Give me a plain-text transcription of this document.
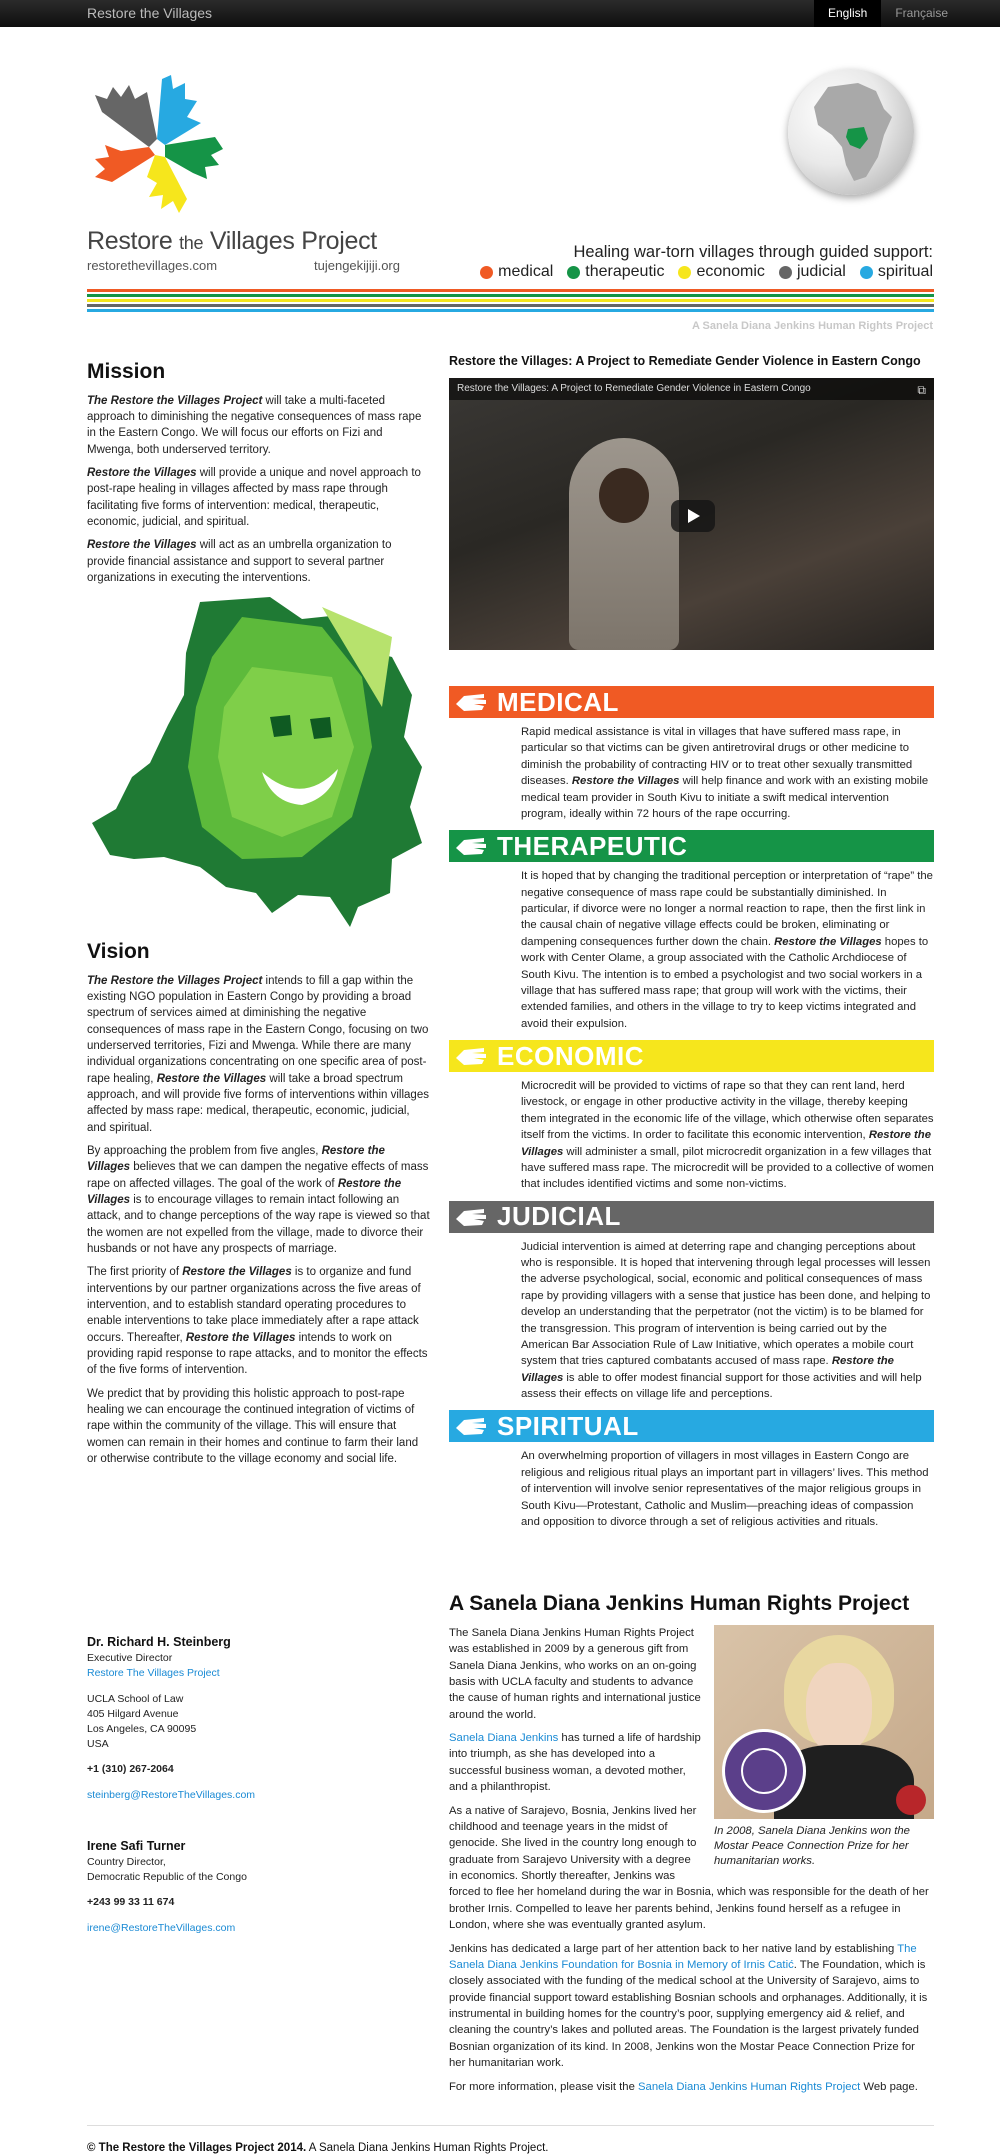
Restore the Villages	English	Française
Restore the Villages Project
restorethevillages.com	tujengekijiji.org
Healing war-torn villages through guided support:
medical therapeutic economic judicial spiritual
A Sanela Diana Jenkins Human Rights Project
Mission

The Restore the Villages Project will take a multi-faceted approach to diminishing the negative consequences of mass rape in the Eastern Congo. We will focus our efforts on Fizi and Mwenga, both underserved territory.

Restore the Villages will provide a unique and novel approach to post-rape healing in villages affected by mass rape through facilitating five forms of intervention: medical, therapeutic, economic, judicial, and spiritual.

Restore the Villages will act as an umbrella organization to provide financial assistance and support to several partner organizations in executing the interventions.

Vision

The Restore the Villages Project intends to fill a gap within the existing NGO population in Eastern Congo by providing a broad spectrum of services aimed at diminishing the negative consequences of mass rape in the Eastern Congo, focusing on two underserved territories, Fizi and Mwenga. While there are many individual organizations concentrating on one specific area of post-rape healing, Restore the Villages will take a broad spectrum approach, and will provide five forms of interventions within villages affected by mass rape: medical, therapeutic, economic, judicial, and spiritual.

By approaching the problem from five angles, Restore the Villages believes that we can dampen the negative effects of mass rape on affected villages. The goal of the work of Restore the Villages is to encourage villages to remain intact following an attack, and to change perceptions of the way rape is viewed so that the women are not expelled from the village, made to divorce their husbands or not have any prospects of marriage.

The first priority of Restore the Villages is to organize and fund interventions by our partner organizations across the five areas of intervention, and to establish standard operating procedures to enable interventions to take place immediately after a rape attack occurs. Thereafter, Restore the Villages intends to work on providing rapid response to rape attacks, and to monitor the effects of the five forms of intervention.

We predict that by providing this holistic approach to post-rape healing we can encourage the continued integration of victims of rape within the community of the village. This will ensure that women can remain in their homes and continue to farm their land or otherwise contribute to the village economy and social life.

Dr. Richard H. Steinberg
Executive Director
Restore The Villages Project
UCLA School of Law
405 Hilgard Avenue
Los Angeles, CA 90095
USA
+1 (310) 267-2064
steinberg@RestoreTheVillages.com
Irene Safi Turner
Country Director,
Democratic Republic of the Congo
+243 99 33 11 674
irene@RestoreTheVillages.com
Restore the Villages: A Project to Remediate Gender Violence in Eastern Congo
Restore the Villages: A Project to Remediate Gender Violence in Eastern Congo	⧉
MEDICAL
Rapid medical assistance is vital in villages that have suffered mass rape, in particular so that victims can be given antiretroviral drugs or other medicine to diminish the probability of contracting HIV or to treat other sexually transmitted diseases. Restore the Villages will help finance and work with an existing mobile medical team provider in South Kivu to initiate a swift medical intervention program, ideally within 72 hours of the rape occurring.
THERAPEUTIC
It is hoped that by changing the traditional perception or interpretation of “rape” the negative consequence of mass rape could be substantially diminished. In particular, if divorce were no longer a normal reaction to rape, then the first link in the causal chain of negative village effects could be broken, eliminating or dampening consequences further down the chain. Restore the Villages hopes to work with Center Olame, a group associated with the Catholic Archdiocese of South Kivu. The intention is to embed a psychologist and two social workers in a village that has suffered mass rape; that group will work with the victims, their extended families, and others in the village to try to keep victims integrated and avoid their expulsion.
ECONOMIC
Microcredit will be provided to victims of rape so that they can rent land, herd livestock, or engage in other productive activity in the village, thereby keeping them integrated in the economic life of the village, which otherwise often separates itself from the victims. In order to facilitate this economic intervention, Restore the Villages will administer a small, pilot microcredit organization in a few villages that have suffered mass rape. The microcredit will be provided to a collective of women that includes identified victims and some non-victims.
JUDICIAL
Judicial intervention is aimed at deterring rape and changing perceptions about who is responsible. It is hoped that intervening through legal processes will lessen the adverse psychological, social, economic and political consequences of mass rape by providing villagers with a sense that justice has been done, and helping to develop an understanding that the perpetrator (not the victim) is to be blamed for the transgression. This program of intervention is being carried out by the American Bar Association Rule of Law Initiative, which operates a mobile court system that tries captured combatants accused of mass rape. Restore the Villages is able to offer modest financial support for those activities and will help assess their effects on village life and perceptions.
SPIRITUAL
An overwhelming proportion of villagers in most villages in Eastern Congo are religious and religious ritual plays an important part in villagers’ lives. This method of intervention will involve senior representatives of the major religious groups in South Kivu—Protestant, Catholic and Muslim—preaching ideas of compassion and opposition to divorce through a set of religious activities and rituals.
A Sanela Diana Jenkins Human Rights Project
In 2008, Sanela Diana Jenkins won the Mostar Peace Connection Prize for her humanitarian works.

The Sanela Diana Jenkins Human Rights Project was established in 2009 by a generous gift from Sanela Diana Jenkins, who works on an on-going basis with UCLA faculty and students to advance the cause of human rights and international justice around the world.

Sanela Diana Jenkins has turned a life of hardship into triumph, as she has developed into a successful business woman, a devoted mother, and a philanthropist.

As a native of Sarajevo, Bosnia, Jenkins lived her childhood and teenage years in the midst of genocide. She lived in the country long enough to graduate from Sarajevo University with a degree in economics. Shortly thereafter, Jenkins was forced to flee her homeland during the war in Bosnia, which was responsible for the death of her brother Irnis. Compelled to leave her parents behind, Jenkins found herself as a refugee in London, where she was eventually granted asylum.

Jenkins has dedicated a large part of her attention back to her native land by establishing The Sanela Diana Jenkins Foundation for Bosnia in Memory of Irnis Catić. The Foundation, which is closely associated with the funding of the medical school at the University of Sarajevo, aims to provide financial support toward establishing Bosnian schools and orphanages. Additionally, it is instrumental in building homes for the country’s poor, supplying emergency aid & relief, and cleaning the country’s lakes and polluted areas. The Foundation is the largest privately funded Bosnian organization of its kind. In 2008, Jenkins won the Mostar Peace Connection Prize for her humanitarian work.

For more information, please visit the Sanela Diana Jenkins Human Rights Project Web page.

© The Restore the Villages Project 2014. A Sanela Diana Jenkins Human Rights Project.
